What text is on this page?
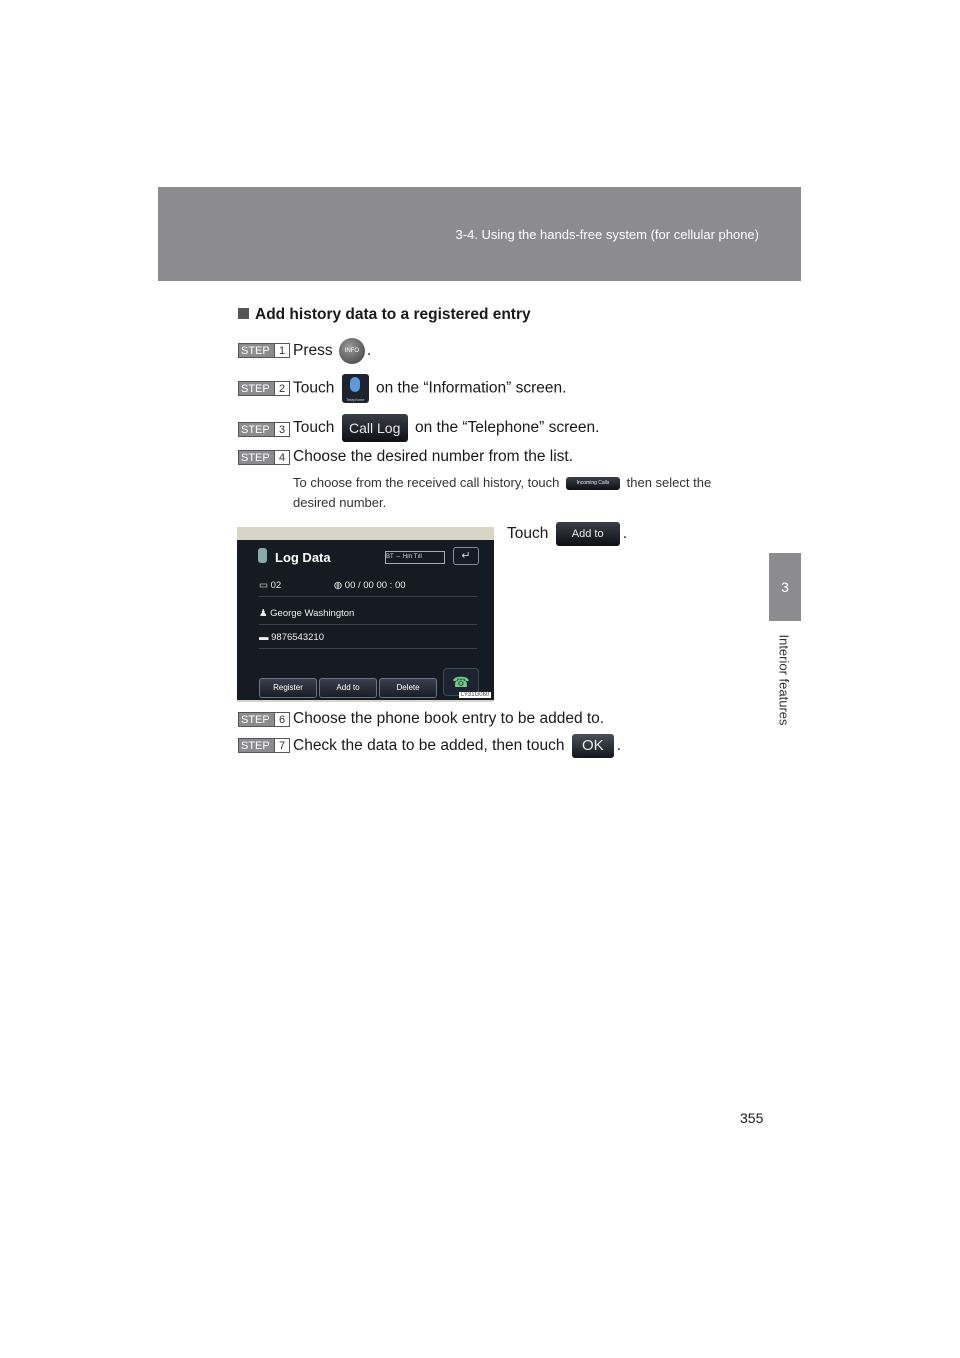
3-4. Using the hands-free system (for cellular phone)
3
Interior features
Add history data to a registered entry
STEP 1 Press INFO .
STEP 2 Touch
Telephone
on the “Information” screen.
STEP 3 Touch Call Log on the “Telephone” screen.
STEP 4 Choose the desired number from the list.
To choose from the received call history, touch	Incoming Calls then select the
desired number.
Touch Add to .
Log Data	BT ⇔ Hm Tıll	↵
▭ 02	◍ 00 / 00 00 : 00
♟ George Washington
▬ 9876543210
Register	Add to	Delete	☎
LY31G060
STEP 6 Choose the phone book entry to be added to.
STEP 7 Check the data to be added, then touch OK .
355
